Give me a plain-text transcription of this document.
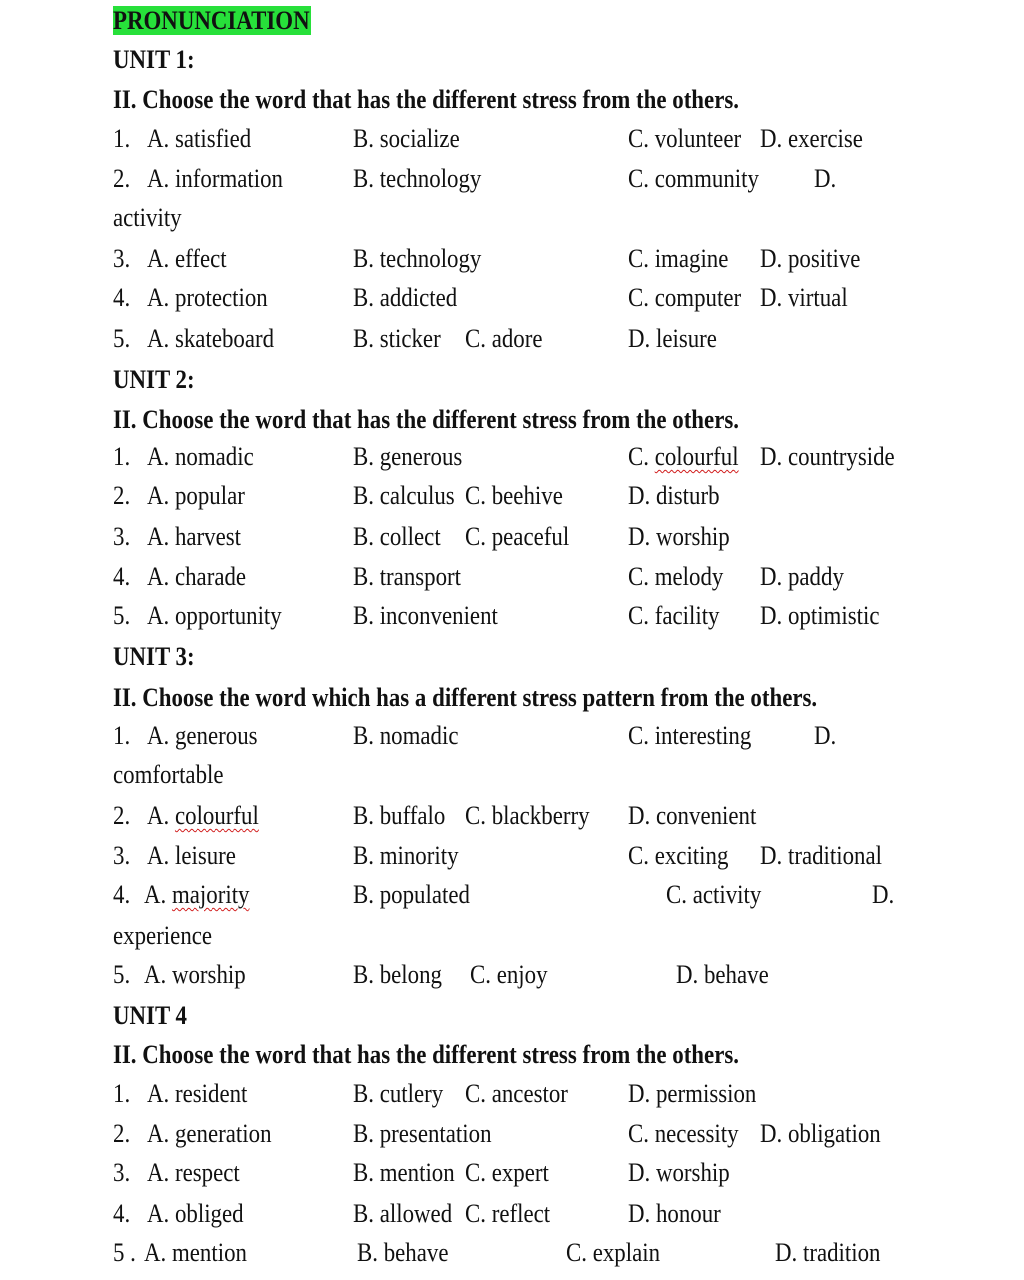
PRONUNCIATION
UNIT 1:
II. Choose the word that has the different stress from the others.
1. A. satisfied	B. socialize	C. volunteer D. exercise
2. A. information	B. technology	C. community D.
activity
3. A. effect	B. technology	C. imagine D. positive
4. A. protection	B. addicted	C. computer D. virtual
5. A. skateboard	B. sticker C. adore	D. leisure
UNIT 2:
II. Choose the word that has the different stress from the others.
1. A. nomadic	B. generous	C. colourful D. countryside
2. A. popular	B. calculus C. beehive	D. disturb
3. A. harvest	B. collect C. peaceful D. worship
4. A. charade	B. transport	C. melody D. paddy
5. A. opportunity	B. inconvenient	C. facility D. optimistic
UNIT 3:
II. Choose the word which has a different stress pattern from the others.
1. A. generous	B. nomadic	C. interesting D.
comfortable
2. A. colourful	B. buffalo C. blackberry D. convenient
3. A. leisure	B. minority	C. exciting D. traditional
4. A. majority	B. populated	C. activity	D.
experience
5. A. worship	B. belong C. enjoy	D. behave
UNIT 4
II. Choose the word that has the different stress from the others.
1. A. resident	B. cutlery C. ancestor D. permission
2. A. generation	B. presentation	C. necessity D. obligation
3. A. respect	B. mention C. expert	D. worship
4. A. obliged	B. allowed C. reflect	D. honour
5 . A. mention	B. behave	C. explain	D. tradition
